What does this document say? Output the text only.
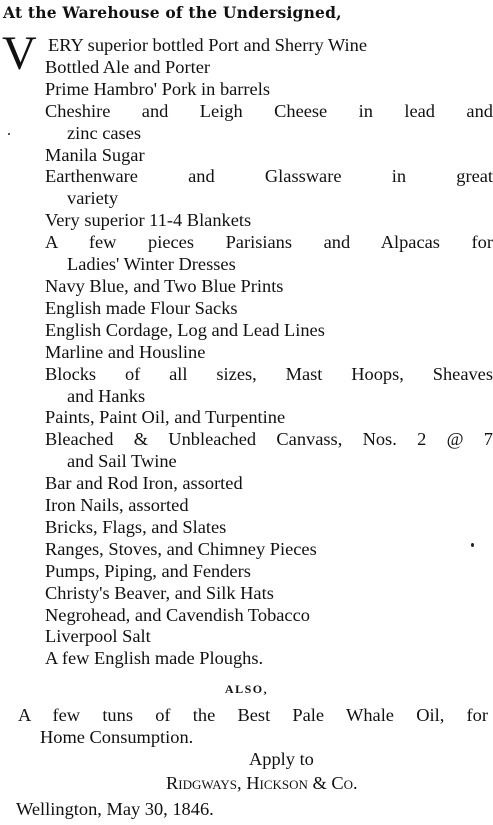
At the Warehouse of the Undersigned,
V ERY superior bottled Port and Sherry Wine
Bottled Ale and Porter
Prime Hambro' Pork in barrels
Cheshire and Leigh Cheese in lead and
zinc cases
Manila Sugar
Earthenware and Glassware in great
variety
Very superior 11-4 Blankets
A few pieces Parisians and Alpacas for
Ladies' Winter Dresses
Navy Blue, and Two Blue Prints
English made Flour Sacks
English Cordage, Log and Lead Lines
Marline and Housline
Blocks of all sizes, Mast Hoops, Sheaves
and Hanks
Paints, Paint Oil, and Turpentine
Bleached & Unbleached Canvass, Nos. 2 @ 7
and Sail Twine
Bar and Rod Iron, assorted
Iron Nails, assorted
Bricks, Flags, and Slates
Ranges, Stoves, and Chimney Pieces
Pumps, Piping, and Fenders
Christy's Beaver, and Silk Hats
Negrohead, and Cavendish Tobacco
Liverpool Salt
A few English made Ploughs.
ALSO,
A few tuns of the Best Pale Whale Oil, for
Home Consumption.
Apply to
Ridgways, Hickson & Co.
Wellington, May 30, 1846.
